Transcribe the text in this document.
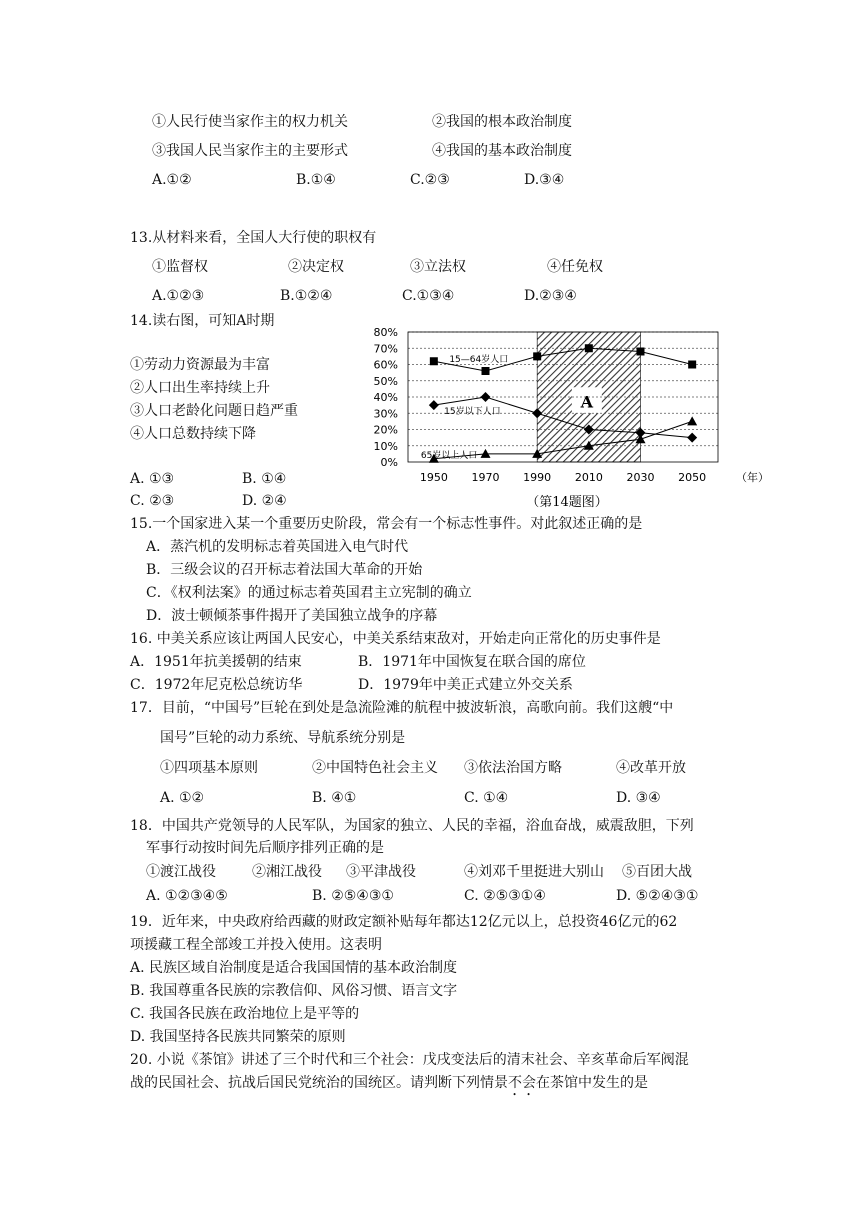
①人民行使当家作主的权力机关	②我国的根本政治制度
③我国人民当家作主的主要形式	④我国的基本政治制度
A.①②	B.①④	C.②③	D.③④
13.从材料来看，全国人大行使的职权有
①监督权	②决定权	③立法权	④任免权
A.①②③	B.①②④	C.①③④	D.②③④
14.读右图，可知A时期
①劳动力资源最为丰富
②人口出生率持续上升
③人口老龄化问题日趋严重
④人口总数持续下降
A. ①③	B. ①④
C. ②③	D. ②④
A
0%
10%
20%
30%
40%
50%
60%
70%
80%
1950 1970 1990 2010 2030 2050	（年）
（第14题图）
15—64岁人口
15岁以下人口
65岁以上人口
15.一个国家进入某一个重要历史阶段，常会有一个标志性事件。对此叙述正确的是
A．蒸汽机的发明标志着英国进入电气时代
B．三级会议的召开标志着法国大革命的开始
C．《权利法案》的通过标志着英国君主立宪制的确立
D．波士顿倾茶事件揭开了美国独立战争的序幕
16. 中美关系应该让两国人民安心，中美关系结束敌对，开始走向正常化的历史事件是
A．1951年抗美援朝的结束	B．1971年中国恢复在联合国的席位
C．1972年尼克松总统访华	D．1979年中美正式建立外交关系
17．目前，“中国号”巨轮在到处是急流险滩的航程中披波斩浪，高歌向前。我们这艘“中
国号”巨轮的动力系统、导航系统分别是
①四项基本原则	②中国特色社会主义 ③依法治国方略	④改革开放
A. ①②	B. ④①	C. ①④	D. ③④
18．中国共产党领导的人民军队，为国家的独立、人民的幸福，浴血奋战，威震敌胆，下列
军事行动按时间先后顺序排列正确的是
①渡江战役	②湘江战役 ③平津战役	④刘邓千里挺进大别山 ⑤百团大战
A. ①②③④⑤	B. ②⑤④③①	C. ②⑤③①④	D. ⑤②④③①
19．近年来，中央政府给西藏的财政定额补贴每年都达12亿元以上，总投资46亿元的62
项援藏工程全部竣工并投入使用。这表明
A. 民族区域自治制度是适合我国国情的基本政治制度
B. 我国尊重各民族的宗教信仰、风俗习惯、语言文字
C. 我国各民族在政治地位上是平等的
D. 我国坚持各民族共同繁荣的原则
20. 小说《茶馆》讲述了三个时代和三个社会：戊戌变法后的清末社会、辛亥革命后军阀混
战的民国社会、抗战后国民党统治的国统区。请判断下列情景不会在茶馆中发生的是
